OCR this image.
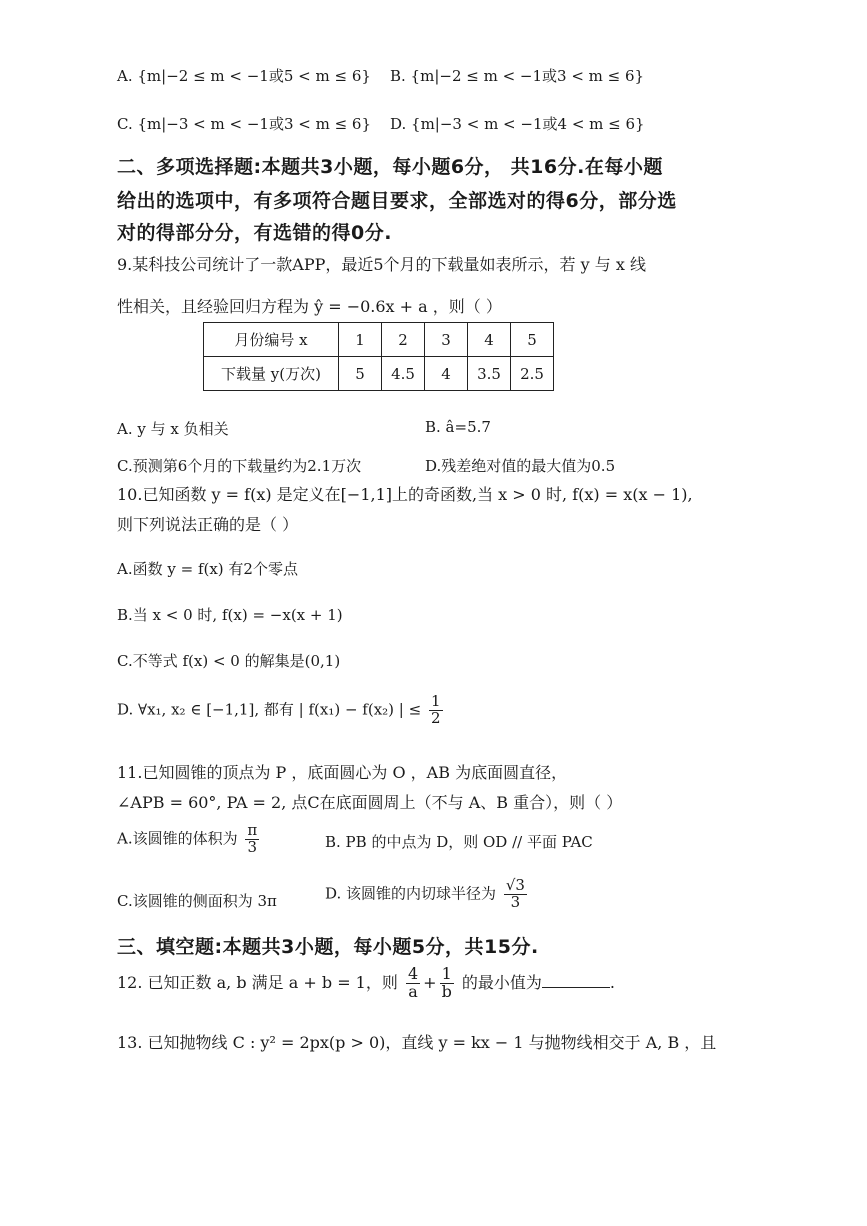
A. {m|−2 ≤ m < −1或5 < m ≤ 6} B. {m|−2 ≤ m < −1或3 < m ≤ 6}
C. {m|−3 < m < −1或3 < m ≤ 6} D. {m|−3 < m < −1或4 < m ≤ 6}
二、多项选择题:本题共3小题，每小题6分， 共16分.在每小题
给出的选项中，有多项符合题目要求，全部选对的得6分，部分选
对的得部分分，有选错的得0分.
9.某科技公司统计了一款APP，最近5个月的下载量如表所示，若 y 与 x 线
性相关，且经验回归方程为 ŷ = −0.6x + a ，则（ ）
月份编号 x	1	2	3	4	5
下载量 y(万次)	5	4.5	4	3.5	2.5
A. y 与 x 负相关	B. â=5.7
C.预测第6个月的下载量约为2.1万次	D.残差绝对值的最大值为0.5
10.已知函数 y = f(x) 是定义在[−1,1]上的奇函数,当 x > 0 时, f(x) = x(x − 1),
则下列说法正确的是（ ）
A.函数 y = f(x) 有2个零点
B.当 x < 0 时, f(x) = −x(x + 1)
C.不等式 f(x) < 0 的解集是(0,1)
D. ∀x₁, x₂ ∈ [−1,1], 都有 | f(x₁) − f(x₂) | ≤ $\frac{1}{2}$
11.已知圆锥的顶点为 P ，底面圆心为 O ，AB 为底面圆直径，
∠APB = 60°, PA = 2, 点C在底面圆周上（不与 A、B 重合），则（ ）
A.该圆锥的体积为 $\frac{\pi}{3}$	B. PB 的中点为 D，则 OD // 平面 PAC
C.该圆锥的侧面积为 3π	D. 该圆锥的内切球半径为 $\frac{√3}{3}$
三、填空题:本题共3小题，每小题5分，共15分.
12. 已知正数 a, b 满足 a + b = 1，则 $\frac{4}{a} + \frac{1}{b}$ 的最小值为	.
13. 已知抛物线 C : y² = 2px(p > 0)，直线 y = kx − 1 与抛物线相交于 A, B ，且
